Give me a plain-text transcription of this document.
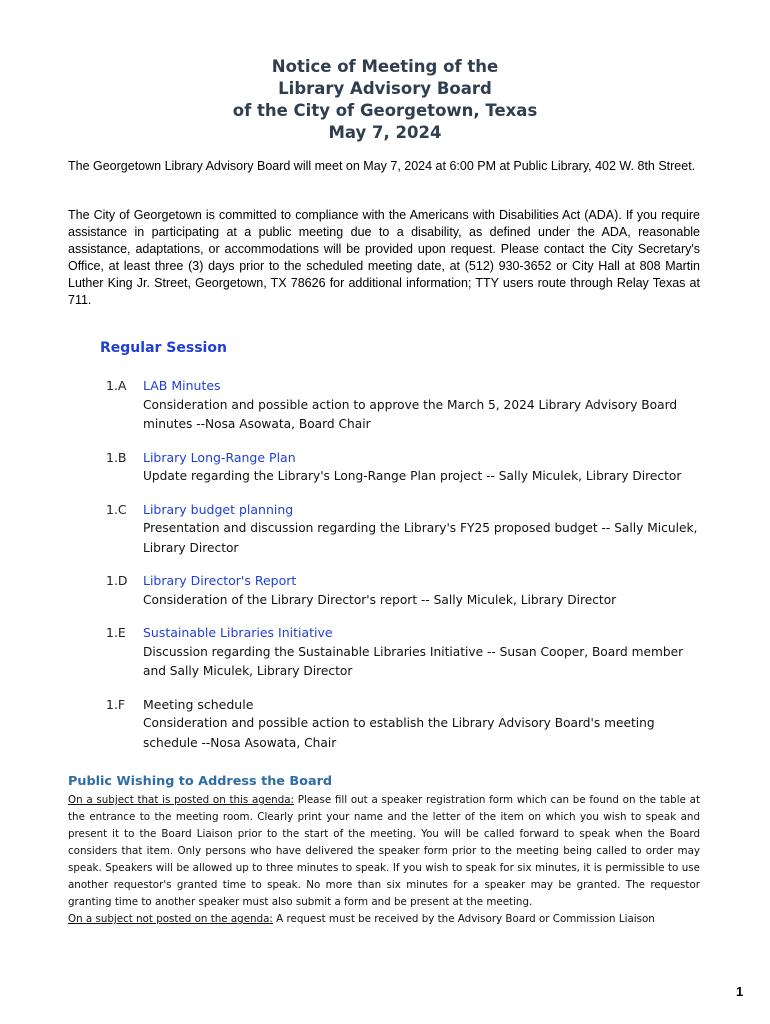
Notice of Meeting of the
Library Advisory Board
of the City of Georgetown, Texas
May 7, 2024
The Georgetown Library Advisory Board will meet on May 7, 2024 at 6:00 PM at Public Library, 402 W. 8th Street.
The City of Georgetown is committed to compliance with the Americans with Disabilities Act (ADA). If you require assistance in participating at a public meeting due to a disability, as defined under the ADA, reasonable assistance, adaptations, or accommodations will be provided upon request. Please contact the City Secretary's Office, at least three (3) days prior to the scheduled meeting date, at (512) 930-3652 or City Hall at 808 Martin Luther King Jr. Street, Georgetown, TX 78626 for additional information; TTY users route through Relay Texas at 711.
Regular Session
1.A	LAB Minutes
Consideration and possible action to approve the March 5, 2024 Library Advisory Board minutes --Nosa Asowata, Board Chair
1.B	Library Long-Range Plan
Update regarding the Library's Long-Range Plan project -- Sally Miculek, Library Director
1.C	Library budget planning
Presentation and discussion regarding the Library's FY25 proposed budget -- Sally Miculek, Library Director
1.D	Library Director's Report
Consideration of the Library Director's report -- Sally Miculek, Library Director
1.E	Sustainable Libraries Initiative
Discussion regarding the Sustainable Libraries Initiative -- Susan Cooper, Board member and Sally Miculek, Library Director
1.F	Meeting schedule
Consideration and possible action to establish the Library Advisory Board's meeting schedule --Nosa Asowata, Chair
Public Wishing to Address the Board
On a subject that is posted on this agenda: Please fill out a speaker registration form which can be found on the table at the entrance to the meeting room. Clearly print your name and the letter of the item on which you wish to speak and present it to the Board Liaison prior to the start of the meeting. You will be called forward to speak when the Board considers that item. Only persons who have delivered the speaker form prior to the meeting being called to order may speak. Speakers will be allowed up to three minutes to speak. If you wish to speak for six minutes, it is permissible to use another requestor's granted time to speak. No more than six minutes for a speaker may be granted. The requestor granting time to another speaker must also submit a form and be present at the meeting.
On a subject not posted on the agenda: A request must be received by the Advisory Board or Commission Liaison
1
